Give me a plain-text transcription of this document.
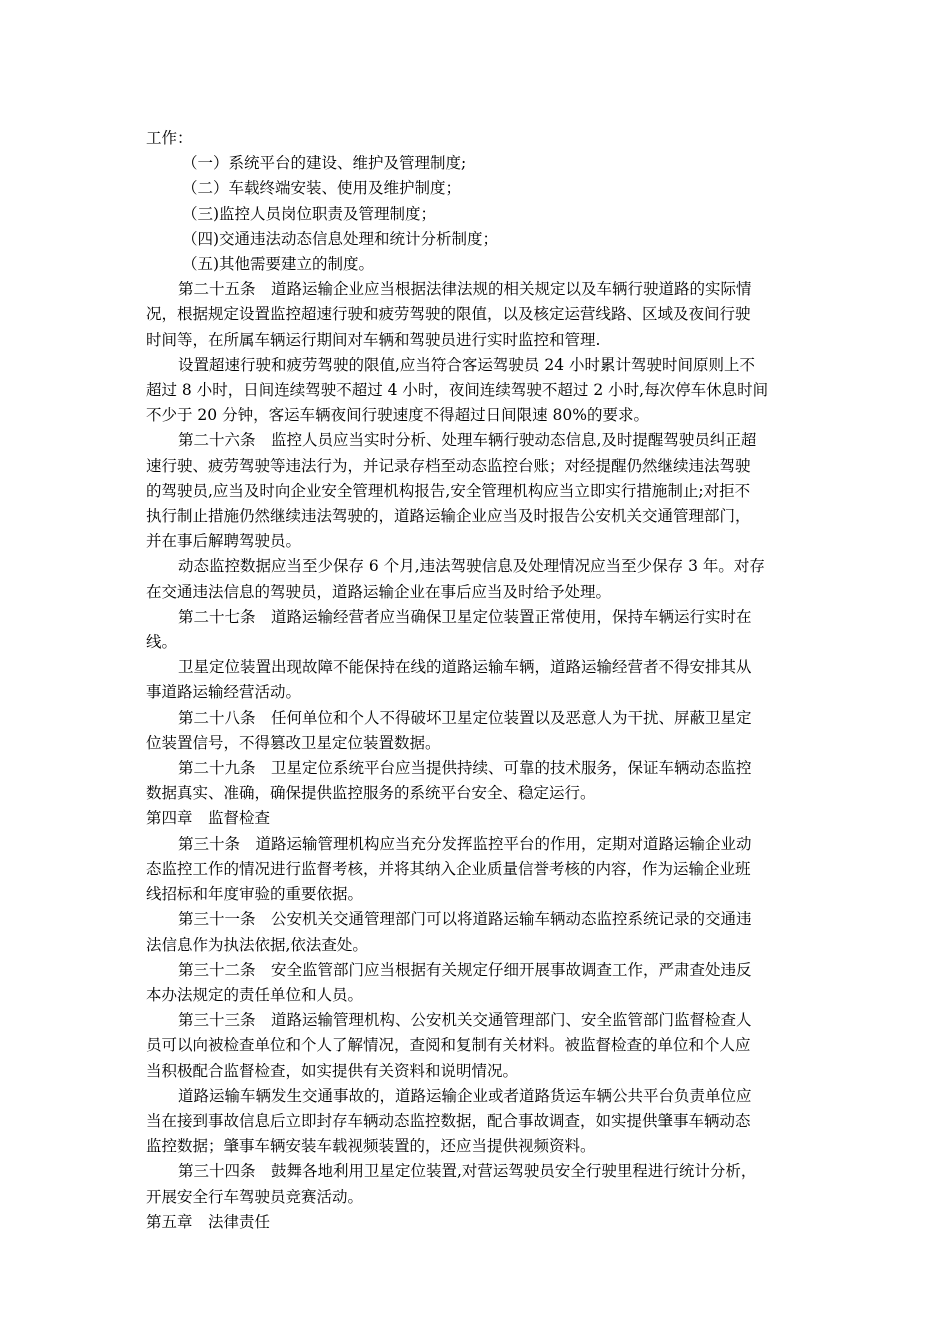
工作：

（一）系统平台的建设、维护及管理制度;

（二）车载终端安装、使用及维护制度；

（三)监控人员岗位职责及管理制度；

（四)交通违法动态信息处理和统计分析制度；

（五)其他需要建立的制度。

第二十五条　道路运输企业应当根据法律法规的相关规定以及车辆行驶道路的实际情

况，根据规定设置监控超速行驶和疲劳驾驶的限值，以及核定运营线路、区域及夜间行驶

时间等，在所属车辆运行期间对车辆和驾驶员进行实时监控和管理.

设置超速行驶和疲劳驾驶的限值,应当符合客运驾驶员 24 小时累计驾驶时间原则上不

超过 8 小时，日间连续驾驶不超过 4 小时，夜间连续驾驶不超过 2 小时,每次停车休息时间

不少于 20 分钟，客运车辆夜间行驶速度不得超过日间限速 80%的要求。

第二十六条　监控人员应当实时分析、处理车辆行驶动态信息,及时提醒驾驶员纠正超

速行驶、疲劳驾驶等违法行为，并记录存档至动态监控台账；对经提醒仍然继续违法驾驶

的驾驶员,应当及时向企业安全管理机构报告,安全管理机构应当立即实行措施制止;对拒不

执行制止措施仍然继续违法驾驶的，道路运输企业应当及时报告公安机关交通管理部门，

并在事后解聘驾驶员。

动态监控数据应当至少保存 6 个月,违法驾驶信息及处理情况应当至少保存 3 年。对存

在交通违法信息的驾驶员，道路运输企业在事后应当及时给予处理。

第二十七条　道路运输经营者应当确保卫星定位装置正常使用，保持车辆运行实时在

线。

卫星定位装置出现故障不能保持在线的道路运输车辆，道路运输经营者不得安排其从

事道路运输经营活动。

第二十八条　任何单位和个人不得破坏卫星定位装置以及恶意人为干扰、屏蔽卫星定

位装置信号，不得篡改卫星定位装置数据。

第二十九条　卫星定位系统平台应当提供持续、可靠的技术服务，保证车辆动态监控

数据真实、准确，确保提供监控服务的系统平台安全、稳定运行。

第四章　监督检查

第三十条　道路运输管理机构应当充分发挥监控平台的作用，定期对道路运输企业动

态监控工作的情况进行监督考核，并将其纳入企业质量信誉考核的内容，作为运输企业班

线招标和年度审验的重要依据。

第三十一条　公安机关交通管理部门可以将道路运输车辆动态监控系统记录的交通违

法信息作为执法依据,依法查处。

第三十二条　安全监管部门应当根据有关规定仔细开展事故调查工作，严肃查处违反

本办法规定的责任单位和人员。

第三十三条　道路运输管理机构、公安机关交通管理部门、安全监管部门监督检查人

员可以向被检查单位和个人了解情况，查阅和复制有关材料。被监督检查的单位和个人应

当积极配合监督检查，如实提供有关资料和说明情况。

道路运输车辆发生交通事故的，道路运输企业或者道路货运车辆公共平台负责单位应

当在接到事故信息后立即封存车辆动态监控数据，配合事故调查，如实提供肇事车辆动态

监控数据；肇事车辆安装车载视频装置的，还应当提供视频资料。

第三十四条　鼓舞各地利用卫星定位装置,对营运驾驶员安全行驶里程进行统计分析，

开展安全行车驾驶员竞赛活动。

第五章　法律责任
